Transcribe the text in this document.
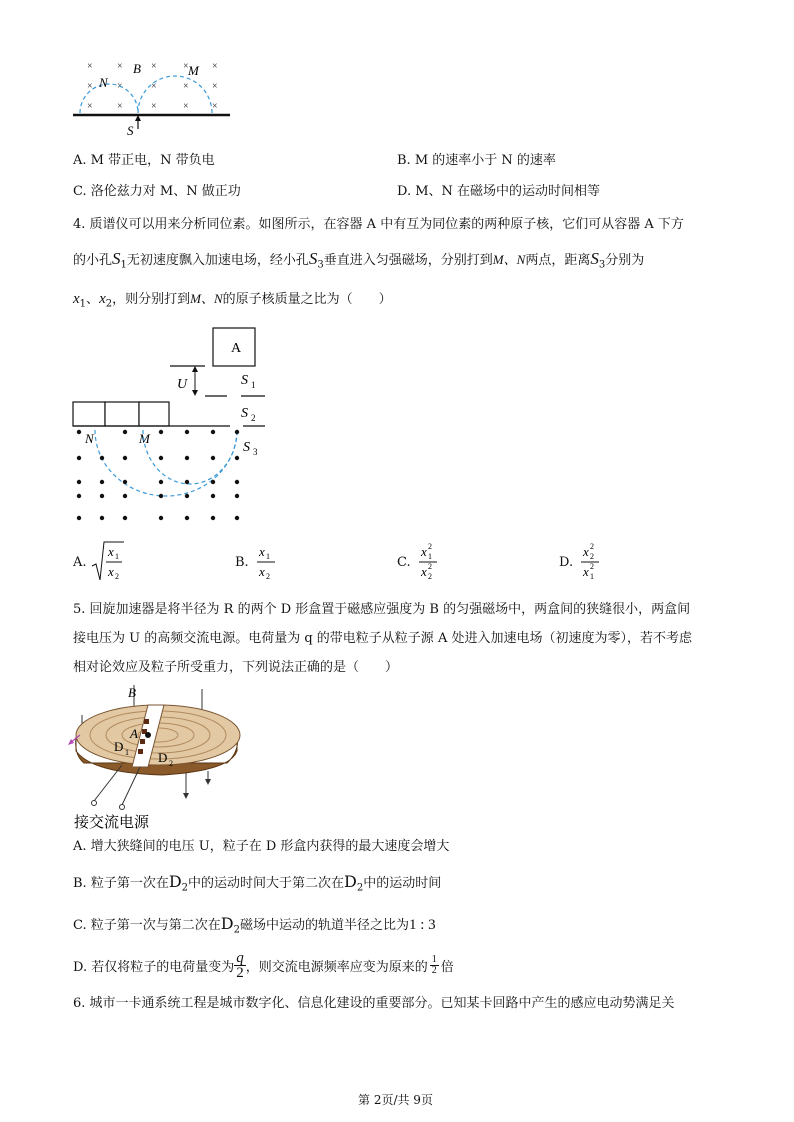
× ×	×	× ×
× ×	×	× ×
× ×	×	× ×
N
B	M
S
A. M 带正电，N 带负电	B. M 的速率小于 N 的速率
C. 洛伦兹力对 M、N 做正功	D. M、N 在磁场中的运动时间相等
4. 质谱仪可以用来分析同位素。如图所示，在容器 A 中有互为同位素的两种原子核，它们可从容器 A 下方
的小孔$S_1$无初速度飘入加速电场，经小孔$S_3$垂直进入匀强磁场，分别打到M、N两点，距离$S_3$分别为
$x_1$、$x_2$，则分别打到M、N的原子核质量之比为（　　）
A
U	S 1
S 2
N	M
S 3
A.
x 1
x 2
B.
x 1
x 2
C.
x 2
1
x 2
2
D.
x 2
2
x 2
1
5. 回旋加速器是将半径为 R 的两个 D 形盒置于磁感应强度为 B 的匀强磁场中，两盒间的狭缝很小，两盒间
接电压为 U 的高频交流电源。电荷量为 q 的带电粒子从粒子源 A 处进入加速电场（初速度为零），若不考虑
相对论效应及粒子所受重力，下列说法正确的是（　　）
B
A
D 1 D 2
接交流电源
A. 增大狭缝间的电压 U，粒子在 D 形盒内获得的最大速度会增大
B. 粒子第一次在$D_2$中的运动时间大于第二次在$D_2$中的运动时间
C. 粒子第一次与第二次在$D_2$磁场中运动的轨道半径之比为1 : 3
D. 若仅将粒子的电荷量变为 $\frac{q}{2}$ ，则交流电源频率应变为原来的 $\frac{1}{2}$ 倍
6. 城市一卡通系统工程是城市数字化、信息化建设的重要部分。已知某卡回路中产生的感应电动势满足关
第 2页/共 9页
